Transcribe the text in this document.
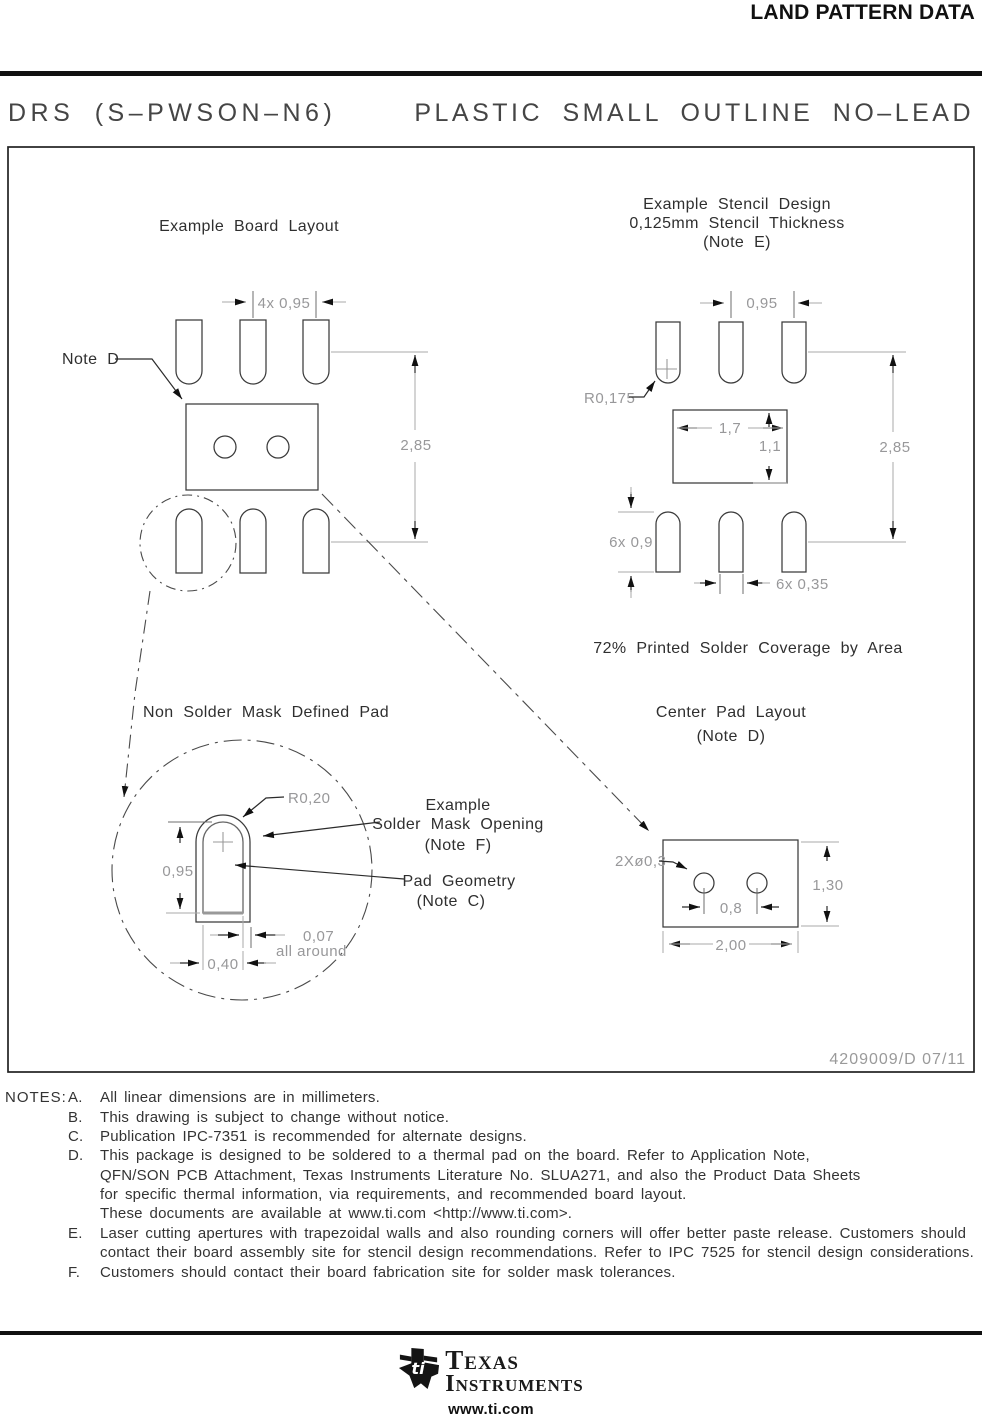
Example Board Layout
4x 0,95
Note D
2,85
Example Stencil Design
0,125mm Stencil Thickness
(Note E)
0,95
R0,175
1,7
1,1	2,85
6x 0,9
6x 0,35
72% Printed Solder Coverage by Area
Center Pad Layout
(Note D)
2Xø0,3
0,8
1,30
2,00
Non Solder Mask Defined Pad
R0,20	Example
Solder Mask Opening
(Note F)
Pad Geometry
(Note C)
0,95
0,07
all around
0,40
4209009/D 07/11
LAND PATTERN DATA
DRS (S–PWSON–N6)	PLASTIC SMALL OUTLINE NO–LEAD
NOTES: A. All linear dimensions are in millimeters.
B. This drawing is subject to change without notice.
C. Publication IPC-7351 is recommended for alternate designs.
D. This package is designed to be soldered to a thermal pad on the board. Refer to Application Note,
QFN/SON PCB Attachment, Texas Instruments Literature No. SLUA271, and also the Product Data Sheets
for specific thermal information, via requirements, and recommended board layout.
These documents are available at www.ti.com <http://www.ti.com>.
E. Laser cutting apertures with trapezoidal walls and also rounding corners will offer better paste release. Customers should
contact their board assembly site for stencil design recommendations. Refer to IPC 7525 for stencil design considerations.
F. Customers should contact their board fabrication site for solder mask tolerances.
ti Texas
Instruments
www.ti.com
